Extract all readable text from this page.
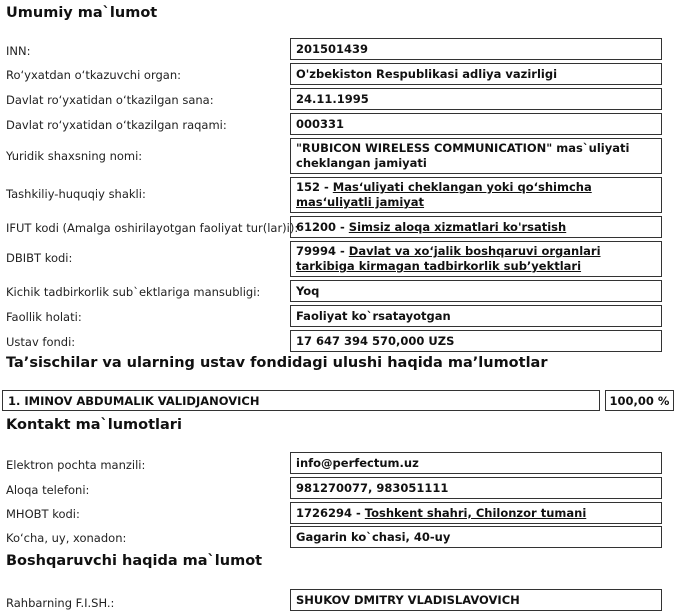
Umumiy ma`lumot
INN:	201501439
Ro‘yxatdan o‘tkazuvchi organ:	O'zbekiston Respublikasi adliya vazirligi
Davlat ro‘yxatidan o‘tkazilgan sana:	24.11.1995
Davlat ro‘yxatidan o‘tkazilgan raqami:	000331
Yuridik shaxsning nomi:
"RUBICON WIRELESS COMMUNICATION" mas`uliyati cheklangan jamiyati
Tashkiliy-huquqiy shakli:	152 - Mas‘uliyati cheklangan yoki qo‘shimcha mas‘uliyatli jamiyat
IFUT kodi (Amalga oshirilayotgan faoliyat tur(lar)i):
61200 - Simsiz aloqa xizmatlari ko'rsatish
DBIBT kodi:	79994 - Davlat va xo‘jalik boshqaruvi organlari tarkibiga kirmagan tadbirkorlik sub’yektlari
Kichik tadbirkorlik sub`ektlariga mansubligi:	Yoq
Faollik holati:	Faoliyat ko`rsatayotgan
Ustav fondi:	17 647 394 570,000 UZS
Ta’sischilar va ularning ustav fondidagi ulushi haqida ma’lumotlar
1. IMINOV ABDUMALIK VALIDJANOVICH	100,00 %
Kontakt ma`lumotlari
Elektron pochta manzili:	info@perfectum.uz
Aloqa telefoni:	981270077, 983051111
MHOBT kodi:	1726294 - Toshkent shahri, Chilonzor tumani
Ko‘cha, uy, xonadon:	Gagarin ko`chasi, 40-uy
Boshqaruvchi haqida ma`lumot
Rahbarning F.I.SH.:	SHUKOV DMITRY VLADISLAVOVICH
